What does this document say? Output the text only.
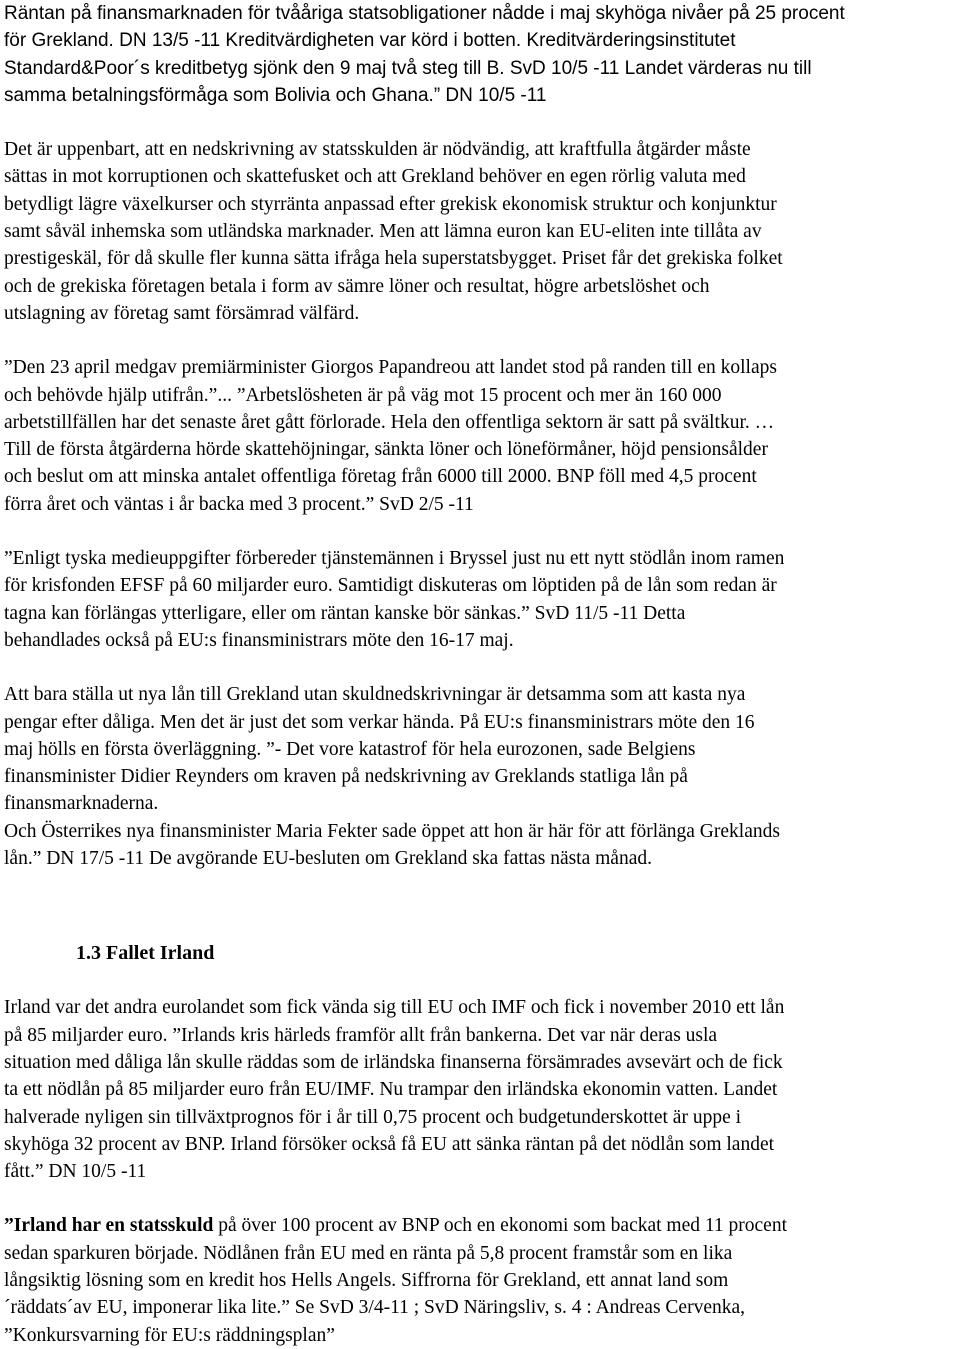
Räntan på finansmarknaden för tvååriga statsobligationer nådde i maj skyhöga nivåer på 25 procent
för Grekland. DN 13/5 -11 Kreditvärdigheten var körd i botten. Kreditvärderingsinstitutet
Standard&Poor´s kreditbetyg sjönk den 9 maj två steg till B. SvD 10/5 -11 Landet värderas nu till
samma betalningsförmåga som Bolivia och Ghana.” DN 10/5 -11

Det är uppenbart, att en nedskrivning av statsskulden är nödvändig, att kraftfulla åtgärder måste
sättas in mot korruptionen och skattefusket och att Grekland behöver en egen rörlig valuta med
betydligt lägre växelkurser och styrränta anpassad efter grekisk ekonomisk struktur och konjunktur
samt såväl inhemska som utländska marknader. Men att lämna euron kan EU-eliten inte tillåta av
prestigeskäl, för då skulle fler kunna sätta ifråga hela superstatsbygget. Priset får det grekiska folket
och de grekiska företagen betala i form av sämre löner och resultat, högre arbetslöshet och
utslagning av företag samt försämrad välfärd.

”Den 23 april medgav premiärminister Giorgos Papandreou att landet stod på randen till en kollaps
och behövde hjälp utifrån.”... ”Arbetslösheten är på väg mot 15 procent och mer än 160 000
arbetstillfällen har det senaste året gått förlorade. Hela den offentliga sektorn är satt på svältkur. …
Till de första åtgärderna hörde skattehöjningar, sänkta löner och löneförmåner, höjd pensionsålder
och beslut om att minska antalet offentliga företag från 6000 till 2000. BNP föll med 4,5 procent
förra året och väntas i år backa med 3 procent.” SvD 2/5 -11

”Enligt tyska medieuppgifter förbereder tjänstemännen i Bryssel just nu ett nytt stödlån inom ramen
för krisfonden EFSF på 60 miljarder euro. Samtidigt diskuteras om löptiden på de lån som redan är
tagna kan förlängas ytterligare, eller om räntan kanske bör sänkas.” SvD 11/5 -11 Detta
behandlades också på EU:s finansministrars möte den 16-17 maj.

Att bara ställa ut nya lån till Grekland utan skuldnedskrivningar är detsamma som att kasta nya
pengar efter dåliga. Men det är just det som verkar hända. På EU:s finansministrars möte den 16
maj hölls en första överläggning. ”- Det vore katastrof för hela eurozonen, sade Belgiens
finansminister Didier Reynders om kraven på nedskrivning av Greklands statliga lån på
finansmarknaderna.
Och Österrikes nya finansminister Maria Fekter sade öppet att hon är här för att förlänga Greklands
lån.” DN 17/5 -11 De avgörande EU-besluten om Grekland ska fattas nästa månad.

1.3 Fallet Irland

Irland var det andra eurolandet som fick vända sig till EU och IMF och fick i november 2010 ett lån
på 85 miljarder euro. ”Irlands kris härleds framför allt från bankerna. Det var när deras usla
situation med dåliga lån skulle räddas som de irländska finanserna försämrades avsevärt och de fick
ta ett nödlån på 85 miljarder euro från EU/IMF. Nu trampar den irländska ekonomin vatten. Landet
halverade nyligen sin tillväxtprognos för i år till 0,75 procent och budgetunderskottet är uppe i
skyhöga 32 procent av BNP. Irland försöker också få EU att sänka räntan på det nödlån som landet
fått.” DN 10/5 -11

”Irland har en statsskuld på över 100 procent av BNP och en ekonomi som backat med 11 procent
sedan sparkuren började. Nödlånen från EU med en ränta på 5,8 procent framstår som en lika
långsiktig lösning som en kredit hos Hells Angels. Siffrorna för Grekland, ett annat land som
´räddats´av EU, imponerar lika lite.” Se SvD 3/4-11 ; SvD Näringsliv, s. 4 : Andreas Cervenka,
”Konkursvarning för EU:s räddningsplan”
